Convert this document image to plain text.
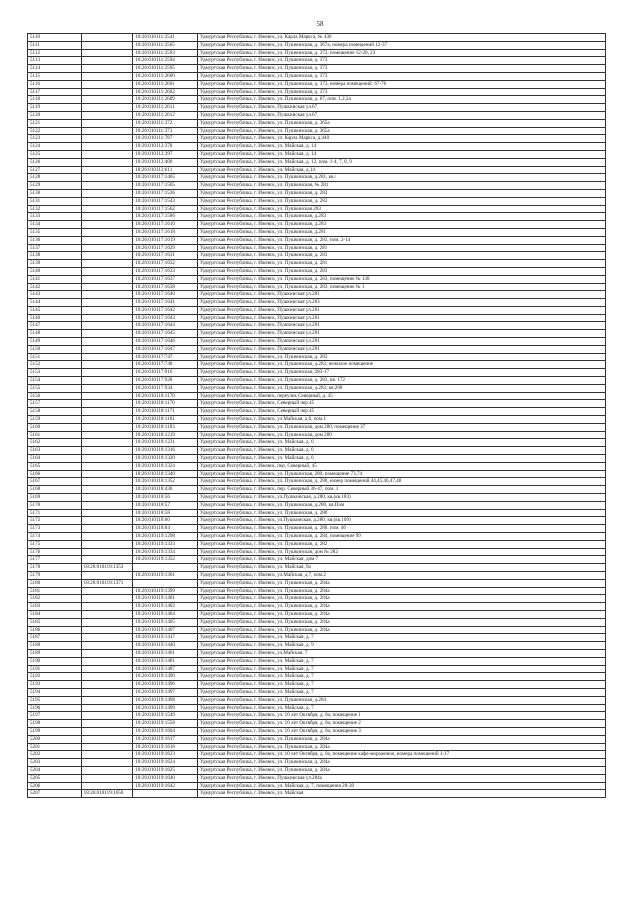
58
5110		18:26:010111:2541	Удмуртская Республика, г. Ижевск, ул. Карла Маркса, № 436
5111		18:26:010111:2565	Удмуртская Республика, г. Ижевск, ул. Пушкинская, д. 367а, номера помещений 12-37
5112		18:26:010111:2593	Удмуртская Республика, г. Ижевск, ул. Пушкинская, д. 373, помещение 12-20, 23
5113		18:26:010111:2594	Удмуртская Республика, г. Ижевск, ул. Пушкинская, д. 373
5114		18:26:010111:2595	Удмуртская Республика, г. Ижевск, ул. Пушкинская, д. 373
5115		18:26:010111:2600	Удмуртская Республика, г. Ижевск, ул. Пушкинская, д. 373
5116		18:26:010111:2601	Удмуртская Республика, г. Ижевск, ул. Пушкинская, д. 373, номера помещений: 67-76
5117		18:26:010111:2602	Удмуртская Республика, г. Ижевск, ул. Пушкинская, д. 373
5118		18:26:010111:2609	Удмуртская Республика, г. Ижевск, ул. Пушкинская, д. 67, пом. 1,2,2а
5119		18:26:010111:2611	Удмуртская Республика, г. Ижевск, Пушкинская ул.67
5120		18:26:010111:2612	Удмуртская Республика, г. Ижевск, Пушкинская ул.67
5121		18:26:010111:372	Удмуртская Республика, г. Ижевск, ул. Пушкинская, д. 365а
5122		18:26:010111:373	Удмуртская Республика, г. Ижевск, ул. Пушкинская, д. 365а
5123		18:26:010111:787	Удмуртская Республика, г. Ижевск, ул. Карла Маркса, д.440
5124		18:26:010112:378	Удмуртская Республика, г. Ижевск, ул. Майская, д. 14
5125		18:26:010112:397	Удмуртская Республика, г. Ижевск, ул. Майская, д. 14
5126		18:26:010112:400	Удмуртская Республика, г. Ижевск, ул. Майская, д. 12, пом. 1-4, 7, 8, 9
5127		18:26:010112:611	Удмуртская Республика, г. Ижевск, ул. Майская, д.14
5128		18:26:010117:1465	Удмуртская Республика, г. Ижевск, ул. Пушкинская, д.281, кв./
5129		18:26:010117:1505	Удмуртская Республика, г. Ижевск, ул. Пушкинская, № 281
5130		18:26:010117:1536	Удмуртская Республика, г. Ижевск, ул. Пушкинская, д. 283
5131		18:26:010117:1543	Удмуртская Республика, г. Ижевск, ул. Пушкинская, д. 283
5132		18:26:010117:1562	Удмуртская Республика, г. Ижевск, ул. Пушкинская 283
5133		18:26:010117:1586	Удмуртская Республика, г. Ижевск, ул. Пушкинская, д.283
5134		18:26:010117:1610	Удмуртская Республика, г. Ижевск, ул. Пушкинская, д.283
5135		18:26:010117:1618	Удмуртская Республика, г. Ижевск, ул. Пушкинская, д.281
5136		18:26:010117:1619	Удмуртская Республика, г. Ижевск, ул. Пушкинская, д. 283, пом. 2-14
5137		18:26:010117:1629	Удмуртская Республика, г. Ижевск, ул. Пушкинская, д. 281
5138		18:26:010117:1631	Удмуртская Республика, г. Ижевск, ул. Пушкинская, д. 283
5139		18:26:010117:1632	Удмуртская Республика, г. Ижевск, ул. Пушкинская, д. 281
5140		18:26:010117:1633	Удмуртская Республика, г. Ижевск, ул. Пушкинская, д. 283
5141		18:26:010117:1637	Удмуртская Республика, г. Ижевск, ул. Пушкинская, д. 283, помещение № 138
5142		18:26:010117:1638	Удмуртская Республика, г. Ижевск, ул. Пушкинская, д. 283, помещение № 1
5143		18:26:010117:1640	Удмуртская Республика, г. Ижевск, Пушкинская ул.281
5144		18:26:010117:1641	Удмуртская Республика, г. Ижевск, Пушкинская ул.283
5145		18:26:010117:1642	Удмуртская Республика, г. Ижевск, Пушкинская ул.281
5146		18:26:010117:1643	Удмуртская Республика, г. Ижевск, Пушкинская ул.281
5147		18:26:010117:1644	Удмуртская Республика, г. Ижевск, Пушкинская ул.281
5148		18:26:010117:1645	Удмуртская Республика, г. Ижевск, Пушкинская ул.281
5149		18:26:010117:1646	Удмуртская Республика, г. Ижевск, Пушкинская ул.281
5150		18:26:010117:1647	Удмуртская Республика, г. Ижевск, Пушкинская ул.281
5151		18:26:010117:747	Удмуртская Республика, г. Ижевск, ул. Пушкинская, д. 283
5152		18:26:010117:748	Удмуртская Республика, г. Ижевск, ул. Пушкинская, д.283, нежилое помещение
5153		18:26:010117:916	Удмуртская Республика, г. Ижевск, ул. Пушкинская, 283-17
5154		18:26:010117:928	Удмуртская Республика, г. Ижевск, ул. Пушкинская, д. 283, кв. 172
5155		18:26:010117:934	Удмуртская Республика, г. Ижевск, ул. Пушкинская, д.283, кв.208
5156		18:26:010118:1170	Удмуртская Республика, г. Ижевск, переулок Северный, д. 45
5157		18:26:010118:1170	Удмуртская Республика, г. Ижевск, Северный пер.45
5158		18:26:010118:1171	Удмуртская Республика, г. Ижевск, Северный пер.45
5159		18:26:010118:1181	Удмуртская Республика, г. Ижевск, ул.Майская, д.6, пом.1
5160		18:26:010118:1183	Удмуртская Республика, г. Ижевск, ул. Пушкинская, дом 280, помещение 37
5161		18:26:010118:1219	Удмуртская Республика, г. Ижевск, ул. Пушкинская, дом 280
5162		18:26:010118:1231	Удмуртская Республика, г. Ижевск, ул. Майская, д. 6
5163		18:26:010118:1316	Удмуртская Республика, г. Ижевск, ул. Майская, д. 6
5164		18:26:010118:1320	Удмуртская Республика, г. Ижевск, ул. Майская, д. 6
5165		18:26:010118:1324	Удмуртская Республика, г. Ижевск, пер. Северный, 45
5166		18:26:010118:1340	Удмуртская Республика, г. Ижевск, ул. Пушкинская, 280, помещение 73,74
5167		18:26:010118:1352	Удмуртская Республика, г. Ижевск, ул. Пушкинская, д. 280, номер помещений 44,45,46,47,48
5168		18:26:010118:436	Удмуртская Республика, г. Ижевск, пер. Северный 36-47, пом. 1
5169		18:26:010118:56	Удмуртская Республика, г. Ижевск, ул.Пушкинская, д.280, кв.(кв.183)
5170		18:26:010118:57	Удмуртская Республика, г. Ижевск, ул. Пушкинская, д.280, кв.Пом
5171		18:26:010118:58	Удмуртская Республика, г. Ижевск, ул. Пушкинская, д. 280
5172		18:26:010118:60	Удмуртская Республика, г. Ижевск, ул.Пушкинская, д.280, кв.(кв.109)
5173		18:26:010118:64	Удмуртская Республика, г. Ижевск, ул. Пушкинская, д. 280, пом. 46
5174		18:26:010119:1298	Удмуртская Республика, г. Ижевск, ул. Пушкинская, д. 284, помещение 99
5175		18:26:010119:1333	Удмуртская Республика, г. Ижевск, ул. Пушкинская, д. 282
5176		18:26:010119:1334	Удмуртская Республика, г. Ижевск, ул. Пушкинская, дом № 282
5177		18:26:010119:1352	Удмуртская Республика, г. Ижевск, ул. Майская, дом 7
5178	18:26:010119:1353		Удмуртская Республика, г. Ижевск, ул. Майская, 9а
5179		18:26:010119:1361	Удмуртская Республика, г. Ижевск, ул.Майская, д.7, пом.2
5180	18:26:010119:1371		Удмуртская Республика, г. Ижевск, ул. Пушкинская, д. 284а
5181		18:26:010119:1399	Удмуртская Республика, г. Ижевск, ул. Пушкинская, д. 284а
5182		18:26:010119:1401	Удмуртская Республика, г. Ижевск, ул. Пушкинская, д. 284а
5183		18:26:010119:1402	Удмуртская Республика, г. Ижевск, ул. Пушкинская, д. 284а
5184		18:26:010119:1404	Удмуртская Республика, г. Ижевск, ул. Пушкинская, д. 284а
5185		18:26:010119:1405	Удмуртская Республика, г. Ижевск, ул. Пушкинская, д. 284а
5186		18:26:010119:1407	Удмуртская Республика, г. Ижевск, ул. Пушкинская, д. 284а
5187		18:26:010119:1417	Удмуртская Республика, г. Ижевск, ул. Майская, д. 7
5188		18:26:010119:1440	Удмуртская Республика, г. Ижевск, ул. Майская, д. 9
5189		18:26:010119:1461	Удмуртская Республика, г. Ижевск, ул.Майская, 7
5190		18:26:010119:1481	Удмуртская Республика, г. Ижевск, ул. Майская, д. 7
5191		18:26:010119:1487	Удмуртская Республика, г. Ижевск, ул. Майская, д. 7
5192		18:26:010119:1490	Удмуртская Республика, г. Ижевск, ул. Майская, д. 7
5193		18:26:010119:1496	Удмуртская Республика, г. Ижевск, ул. Майская, д. 7
5194		18:26:010119:1497	Удмуртская Республика, г. Ижевск, ул. Майская, д. 7
5195		18:26:010119:1498	Удмуртская Республика, г. Ижевск, ул. Пушкинская, д.284
5196		18:26:010119:1499	Удмуртская Республика, г. Ижевск, ул. Майская, д. 7
5197		18:26:010119:1549	Удмуртская Республика, г. Ижевск, ул. 10 лет Октября, д. 8а, помещение 1
5198		18:26:010119:1558	Удмуртская Республика, г. Ижевск, ул. 10 лет Октября, д. 8а, помещение 2
5199		18:26:010119:1604	Удмуртская Республика, г. Ижевск, ул. 10 лет Октября, д. 8а, помещение 3
5200		18:26:010119:1617	Удмуртская Республика, г. Ижевск, ул. Пушкинская, д. 284а
5201		18:26:010119:1618	Удмуртская Республика, г. Ижевск, ул. Пушкинская, д. 284а
5202		18:26:010119:1623	Удмуртская Республика, г. Ижевск, ул. 10 лет Октября, д. 8а, помещение кафе-мороженое, номера помещений 1-17
5203		18:26:010119:1624	Удмуртская Республика, г. Ижевск, ул. Пушкинская, д. 284а
5204		18:26:010119:1625	Удмуртская Республика, г. Ижевск, ул. Пушкинская, д. 284а
5205		18:26:010119:1640	Удмуртская Республика, г. Ижевск, Пушкинская ул.284а
5206		18:26:010119:1642	Удмуртская Республика, г. Ижевск, ул. Майская, д. 7, помещения 28-30
5207	18:26:010119:1650		Удмуртская Республика, г. Ижевск, ул. Майская
